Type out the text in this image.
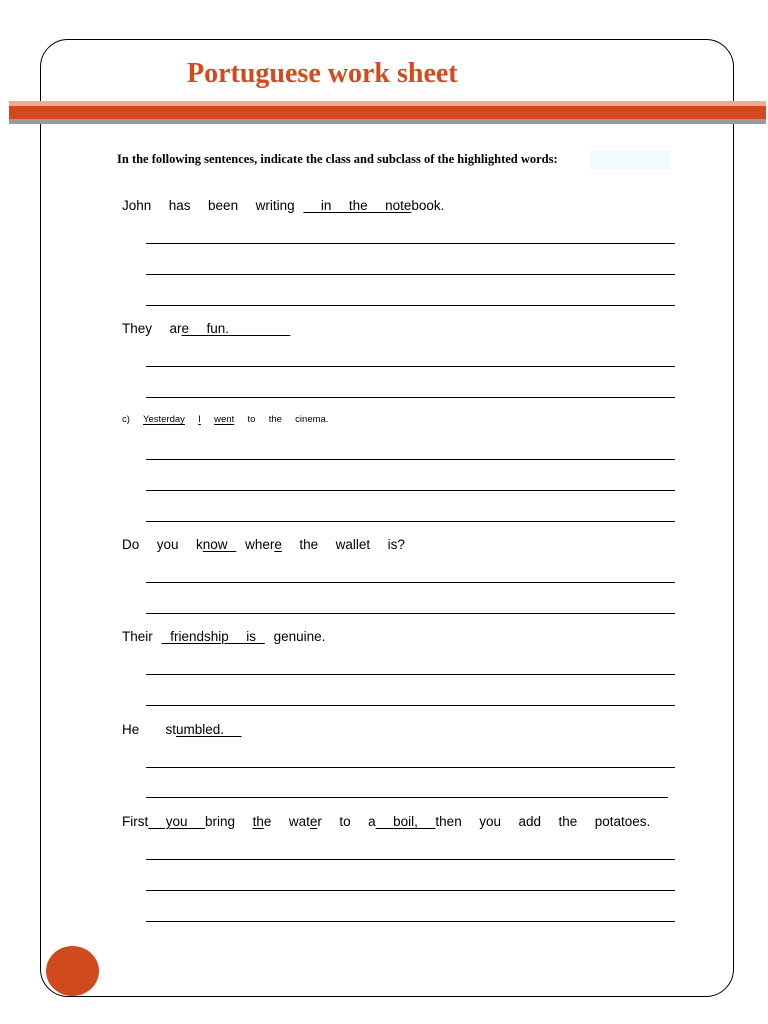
Portuguese work sheet
In the following sentences, indicate the class and subclass of the highlighted words:
John  has  been  writing   in  the  notebook.
They  are  fun.
c)  Yesterday I went  to  the  cinema.
Do  you  know  where  the  wallet  is?
Their  friendship  is  genuine.
He   stumbled.
First  you  bring  the  water  to  a  boil,  then  you  add  the  potatoes.
